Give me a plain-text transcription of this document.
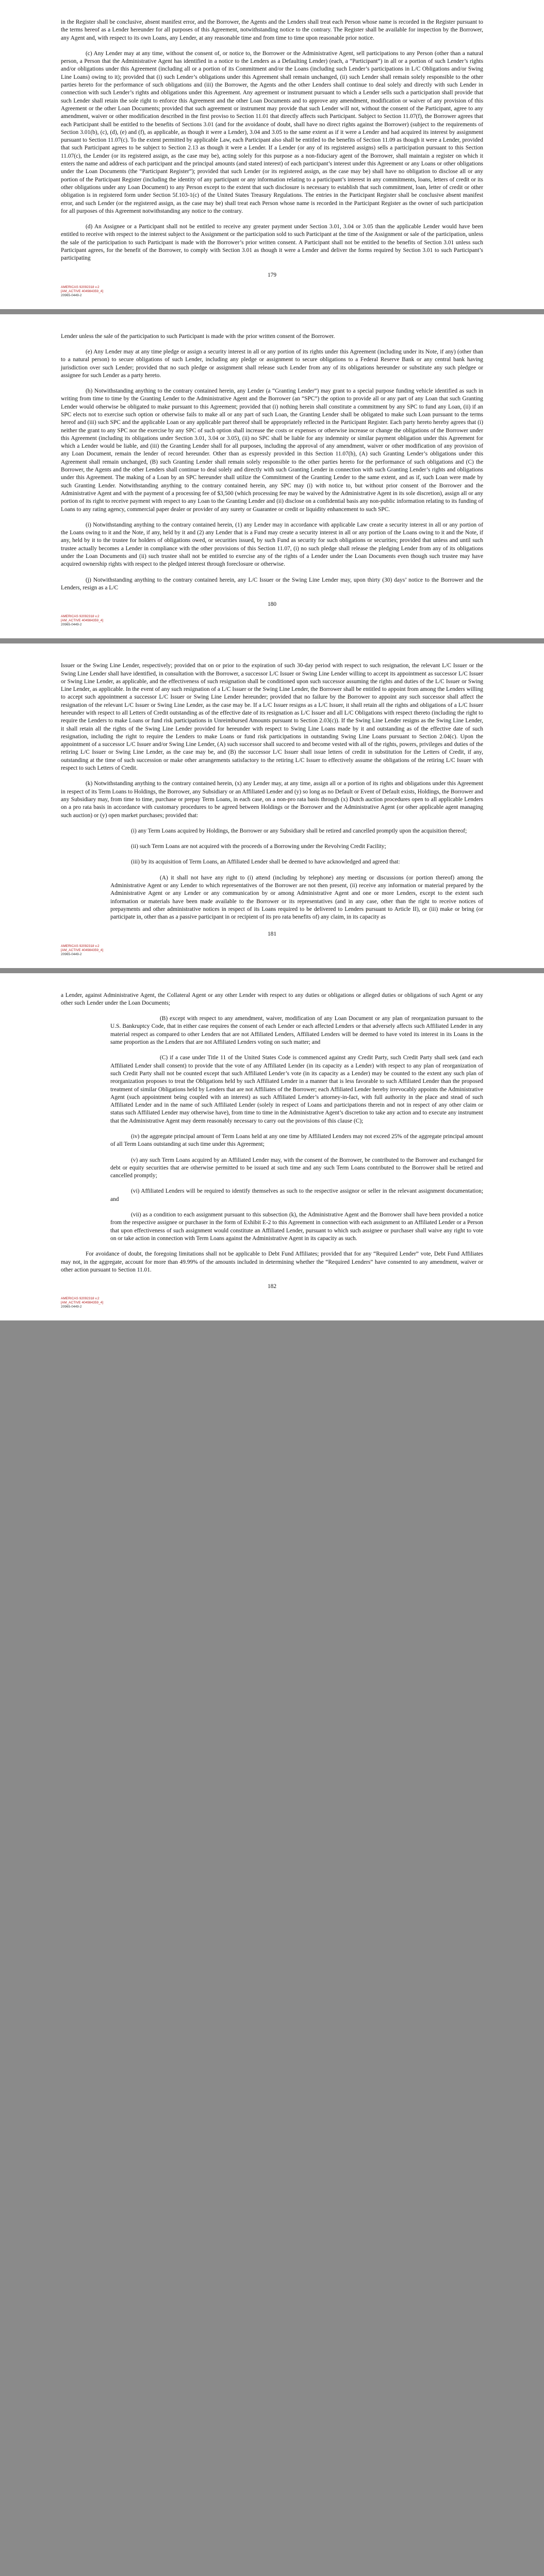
in the Register shall be conclusive, absent manifest error, and the Borrower, the Agents and the Lenders shall treat each Person whose name is recorded in the Register pursuant to the terms hereof as a Lender hereunder for all purposes of this Agreement, notwithstanding notice to the contrary. The Register shall be available for inspection by the Borrower, any Agent and, with respect to its own Loans, any Lender, at any reasonable time and from time to time upon reasonable prior notice.

(c) Any Lender may at any time, without the consent of, or notice to, the Borrower or the Administrative Agent, sell participations to any Person (other than a natural person, a Person that the Administrative Agent has identified in a notice to the Lenders as a Defaulting Lender) (each, a “Participant”) in all or a portion of such Lender’s rights and/or obligations under this Agreement (including all or a portion of its Commitment and/or the Loans (including such Lender’s participations in L/C Obligations and/or Swing Line Loans) owing to it); provided that (i) such Lender’s obligations under this Agreement shall remain unchanged, (ii) such Lender shall remain solely responsible to the other parties hereto for the performance of such obligations and (iii) the Borrower, the Agents and the other Lenders shall continue to deal solely and directly with such Lender in connection with such Lender’s rights and obligations under this Agreement. Any agreement or instrument pursuant to which a Lender sells such a participation shall provide that such Lender shall retain the sole right to enforce this Agreement and the other Loan Documents and to approve any amendment, modification or waiver of any provision of this Agreement or the other Loan Documents; provided that such agreement or instrument may provide that such Lender will not, without the consent of the Participant, agree to any amendment, waiver or other modification described in the first proviso to Section 11.01 that directly affects such Participant. Subject to Section 11.07(f), the Borrower agrees that each Participant shall be entitled to the benefits of Sections 3.01 (and for the avoidance of doubt, shall have no direct rights against the Borrower) (subject to the requirements of Section 3.01(b), (c), (d), (e) and (f), as applicable, as though it were a Lender), 3.04 and 3.05 to the same extent as if it were a Lender and had acquired its interest by assignment pursuant to Section 11.07(c). To the extent permitted by applicable Law, each Participant also shall be entitled to the benefits of Section 11.09 as though it were a Lender, provided that such Participant agrees to be subject to Section 2.13 as though it were a Lender. If a Lender (or any of its registered assigns) sells a participation pursuant to this Section 11.07(c), the Lender (or its registered assign, as the case may be), acting solely for this purpose as a non-fiduciary agent of the Borrower, shall maintain a register on which it enters the name and address of each participant and the principal amounts (and stated interest) of each participant’s interest under this Agreement or any Loans or other obligations under the Loan Documents (the “Participant Register”); provided that such Lender (or its registered assign, as the case may be) shall have no obligation to disclose all or any portion of the Participant Register (including the identity of any participant or any information relating to a participant’s interest in any commitments, loans, letters of credit or its other obligations under any Loan Document) to any Person except to the extent that such disclosure is necessary to establish that such commitment, loan, letter of credit or other obligation is in registered form under Section 5f.103-1(c) of the United States Treasury Regulations. The entries in the Participant Register shall be conclusive absent manifest error, and such Lender (or the registered assign, as the case may be) shall treat each Person whose name is recorded in the Participant Register as the owner of such participation for all purposes of this Agreement notwithstanding any notice to the contrary.

(d) An Assignee or a Participant shall not be entitled to receive any greater payment under Section 3.01, 3.04 or 3.05 than the applicable Lender would have been entitled to receive with respect to the interest subject to the Assignment or the participation sold to such Participant at the time of the Assignment or sale of the participation, unless the sale of the participation to such Participant is made with the Borrower’s prior written consent. A Participant shall not be entitled to the benefits of Section 3.01 unless such Participant agrees, for the benefit of the Borrower, to comply with Section 3.01 as though it were a Lender and deliver the forms required by Section 3.01 to such Participant’s participating

179
AMERICAS 92092318 v.2
[AM_ACTIVE 404984359_4]
20965-0449-2

Lender unless the sale of the participation to such Participant is made with the prior written consent of the Borrower.

(e) Any Lender may at any time pledge or assign a security interest in all or any portion of its rights under this Agreement (including under its Note, if any) (other than to a natural person) to secure obligations of such Lender, including any pledge or assignment to secure obligations to a Federal Reserve Bank or any central bank having jurisdiction over such Lender; provided that no such pledge or assignment shall release such Lender from any of its obligations hereunder or substitute any such pledgee or assignee for such Lender as a party hereto.

(h) Notwithstanding anything to the contrary contained herein, any Lender (a “Granting Lender”) may grant to a special purpose funding vehicle identified as such in writing from time to time by the Granting Lender to the Administrative Agent and the Borrower (an “SPC”) the option to provide all or any part of any Loan that such Granting Lender would otherwise be obligated to make pursuant to this Agreement; provided that (i) nothing herein shall constitute a commitment by any SPC to fund any Loan, (ii) if an SPC elects not to exercise such option or otherwise fails to make all or any part of such Loan, the Granting Lender shall be obligated to make such Loan pursuant to the terms hereof and (iii) such SPC and the applicable Loan or any applicable part thereof shall be appropriately reflected in the Participant Register. Each party hereto hereby agrees that (i) neither the grant to any SPC nor the exercise by any SPC of such option shall increase the costs or expenses or otherwise increase or change the obligations of the Borrower under this Agreement (including its obligations under Section 3.01, 3.04 or 3.05), (ii) no SPC shall be liable for any indemnity or similar payment obligation under this Agreement for which a Lender would be liable, and (iii) the Granting Lender shall for all purposes, including the approval of any amendment, waiver or other modification of any provision of any Loan Document, remain the lender of record hereunder. Other than as expressly provided in this Section 11.07(h), (A) such Granting Lender’s obligations under this Agreement shall remain unchanged, (B) such Granting Lender shall remain solely responsible to the other parties hereto for the performance of such obligations and (C) the Borrower, the Agents and the other Lenders shall continue to deal solely and directly with such Granting Lender in connection with such Granting Lender’s rights and obligations under this Agreement. The making of a Loan by an SPC hereunder shall utilize the Commitment of the Granting Lender to the same extent, and as if, such Loan were made by such Granting Lender. Notwithstanding anything to the contrary contained herein, any SPC may (i) with notice to, but without prior consent of the Borrower and the Administrative Agent and with the payment of a processing fee of $3,500 (which processing fee may be waived by the Administrative Agent in its sole discretion), assign all or any portion of its right to receive payment with respect to any Loan to the Granting Lender and (ii) disclose on a confidential basis any non-public information relating to its funding of Loans to any rating agency, commercial paper dealer or provider of any surety or Guarantee or credit or liquidity enhancement to such SPC.

(i) Notwithstanding anything to the contrary contained herein, (1) any Lender may in accordance with applicable Law create a security interest in all or any portion of the Loans owing to it and the Note, if any, held by it and (2) any Lender that is a Fund may create a security interest in all or any portion of the Loans owing to it and the Note, if any, held by it to the trustee for holders of obligations owed, or securities issued, by such Fund as security for such obligations or securities; provided that unless and until such trustee actually becomes a Lender in compliance with the other provisions of this Section 11.07, (i) no such pledge shall release the pledging Lender from any of its obligations under the Loan Documents and (ii) such trustee shall not be entitled to exercise any of the rights of a Lender under the Loan Documents even though such trustee may have acquired ownership rights with respect to the pledged interest through foreclosure or otherwise.

(j) Notwithstanding anything to the contrary contained herein, any L/C Issuer or the Swing Line Lender may, upon thirty (30) days’ notice to the Borrower and the Lenders, resign as a L/C

180
AMERICAS 92092318 v.2
[AM_ACTIVE 404984359_4]
20965-0449-2

Issuer or the Swing Line Lender, respectively; provided that on or prior to the expiration of such 30-day period with respect to such resignation, the relevant L/C Issuer or the Swing Line Lender shall have identified, in consultation with the Borrower, a successor L/C Issuer or Swing Line Lender willing to accept its appointment as successor L/C Issuer or Swing Line Lender, as applicable, and the effectiveness of such resignation shall be conditioned upon such successor assuming the rights and duties of the L/C Issuer or Swing Line Lender, as applicable. In the event of any such resignation of a L/C Issuer or the Swing Line Lender, the Borrower shall be entitled to appoint from among the Lenders willing to accept such appointment a successor L/C Issuer or Swing Line Lender hereunder; provided that no failure by the Borrower to appoint any such successor shall affect the resignation of the relevant L/C Issuer or Swing Line Lender, as the case may be. If a L/C Issuer resigns as a L/C Issuer, it shall retain all the rights and obligations of a L/C Issuer hereunder with respect to all Letters of Credit outstanding as of the effective date of its resignation as L/C Issuer and all L/C Obligations with respect thereto (including the right to require the Lenders to make Loans or fund risk participations in Unreimbursed Amounts pursuant to Section 2.03(c)). If the Swing Line Lender resigns as the Swing Line Lender, it shall retain all the rights of the Swing Line Lender provided for hereunder with respect to Swing Line Loans made by it and outstanding as of the effective date of such resignation, including the right to require the Lenders to make Loans or fund risk participations in outstanding Swing Line Loans pursuant to Section 2.04(c). Upon the appointment of a successor L/C Issuer and/or Swing Line Lender, (A) such successor shall succeed to and become vested with all of the rights, powers, privileges and duties of the retiring L/C Issuer or Swing Line Lender, as the case may be, and (B) the successor L/C Issuer shall issue letters of credit in substitution for the Letters of Credit, if any, outstanding at the time of such succession or make other arrangements satisfactory to the retiring L/C Issuer to effectively assume the obligations of the retiring L/C Issuer with respect to such Letters of Credit.

(k) Notwithstanding anything to the contrary contained herein, (x) any Lender may, at any time, assign all or a portion of its rights and obligations under this Agreement in respect of its Term Loans to Holdings, the Borrower, any Subsidiary or an Affiliated Lender and (y) so long as no Default or Event of Default exists, Holdings, the Borrower and any Subsidiary may, from time to time, purchase or prepay Term Loans, in each case, on a non-pro rata basis through (x) Dutch auction procedures open to all applicable Lenders on a pro rata basis in accordance with customary procedures to be agreed between Holdings or the Borrower and the Administrative Agent (or other applicable agent managing such auction) or (y) open market purchases; provided that:

(i) any Term Loans acquired by Holdings, the Borrower or any Subsidiary shall be retired and cancelled promptly upon the acquisition thereof;

(ii) such Term Loans are not acquired with the proceeds of a Borrowing under the Revolving Credit Facility;

(iii) by its acquisition of Term Loans, an Affiliated Lender shall be deemed to have acknowledged and agreed that:

(A) it shall not have any right to (i) attend (including by telephone) any meeting or discussions (or portion thereof) among the Administrative Agent or any Lender to which representatives of the Borrower are not then present, (ii) receive any information or material prepared by the Administrative Agent or any Lender or any communication by or among Administrative Agent and one or more Lenders, except to the extent such information or materials have been made available to the Borrower or its representatives (and in any case, other than the right to receive notices of prepayments and other administrative notices in respect of its Loans required to be delivered to Lenders pursuant to Article II), or (iii) make or bring (or participate in, other than as a passive participant in or recipient of its pro rata benefits of) any claim, in its capacity as

181
AMERICAS 92092318 v.2
[AM_ACTIVE 404984359_4]
20965-0449-2

a Lender, against Administrative Agent, the Collateral Agent or any other Lender with respect to any duties or obligations or alleged duties or obligations of such Agent or any other such Lender under the Loan Documents;

(B) except with respect to any amendment, waiver, modification of any Loan Document or any plan of reorganization pursuant to the U.S. Bankruptcy Code, that in either case requires the consent of each Lender or each affected Lenders or that adversely affects such Affiliated Lender in any material respect as compared to other Lenders that are not Affiliated Lenders, Affiliated Lenders will be deemed to have voted its interest in its Loans in the same proportion as the Lenders that are not Affiliated Lenders voting on such matter; and

(C) if a case under Title 11 of the United States Code is commenced against any Credit Party, such Credit Party shall seek (and each Affiliated Lender shall consent) to provide that the vote of any Affiliated Lender (in its capacity as a Lender) with respect to any plan of reorganization of such Credit Party shall not be counted except that such Affiliated Lender’s vote (in its capacity as a Lender) may be counted to the extent any such plan of reorganization proposes to treat the Obligations held by such Affiliated Lender in a manner that is less favorable to such Affiliated Lender than the proposed treatment of similar Obligations held by Lenders that are not Affiliates of the Borrower; each Affiliated Lender hereby irrevocably appoints the Administrative Agent (such appointment being coupled with an interest) as such Affiliated Lender’s attorney-in-fact, with full authority in the place and stead of such Affiliated Lender and in the name of such Affiliated Lender (solely in respect of Loans and participations therein and not in respect of any other claim or status such Affiliated Lender may otherwise have), from time to time in the Administrative Agent’s discretion to take any action and to execute any instrument that the Administrative Agent may deem reasonably necessary to carry out the provisions of this clause (C);

(iv) the aggregate principal amount of Term Loans held at any one time by Affiliated Lenders may not exceed 25% of the aggregate principal amount of all Term Loans outstanding at such time under this Agreement;

(v) any such Term Loans acquired by an Affiliated Lender may, with the consent of the Borrower, be contributed to the Borrower and exchanged for debt or equity securities that are otherwise permitted to be issued at such time and any such Term Loans contributed to the Borrower shall be retired and cancelled promptly;

(vi) Affiliated Lenders will be required to identify themselves as such to the respective assignor or seller in the relevant assignment documentation; and

(vii) as a condition to each assignment pursuant to this subsection (k), the Administrative Agent and the Borrower shall have been provided a notice from the respective assignee or purchaser in the form of Exhibit E-2 to this Agreement in connection with each assignment to an Affiliated Lender or a Person that upon effectiveness of such assignment would constitute an Affiliated Lender, pursuant to which such assignee or purchaser shall waive any right to vote on or take action in connection with Term Loans against the Administrative Agent in its capacity as such.

For avoidance of doubt, the foregoing limitations shall not be applicable to Debt Fund Affiliates; provided that for any “Required Lender” vote, Debt Fund Affiliates may not, in the aggregate, account for more than 49.99% of the amounts included in determining whether the “Required Lenders” have consented to any amendment, waiver or other action pursuant to Section 11.01.

182
AMERICAS 92092318 v.2
[AM_ACTIVE 404984359_4]
20965-0449-2
